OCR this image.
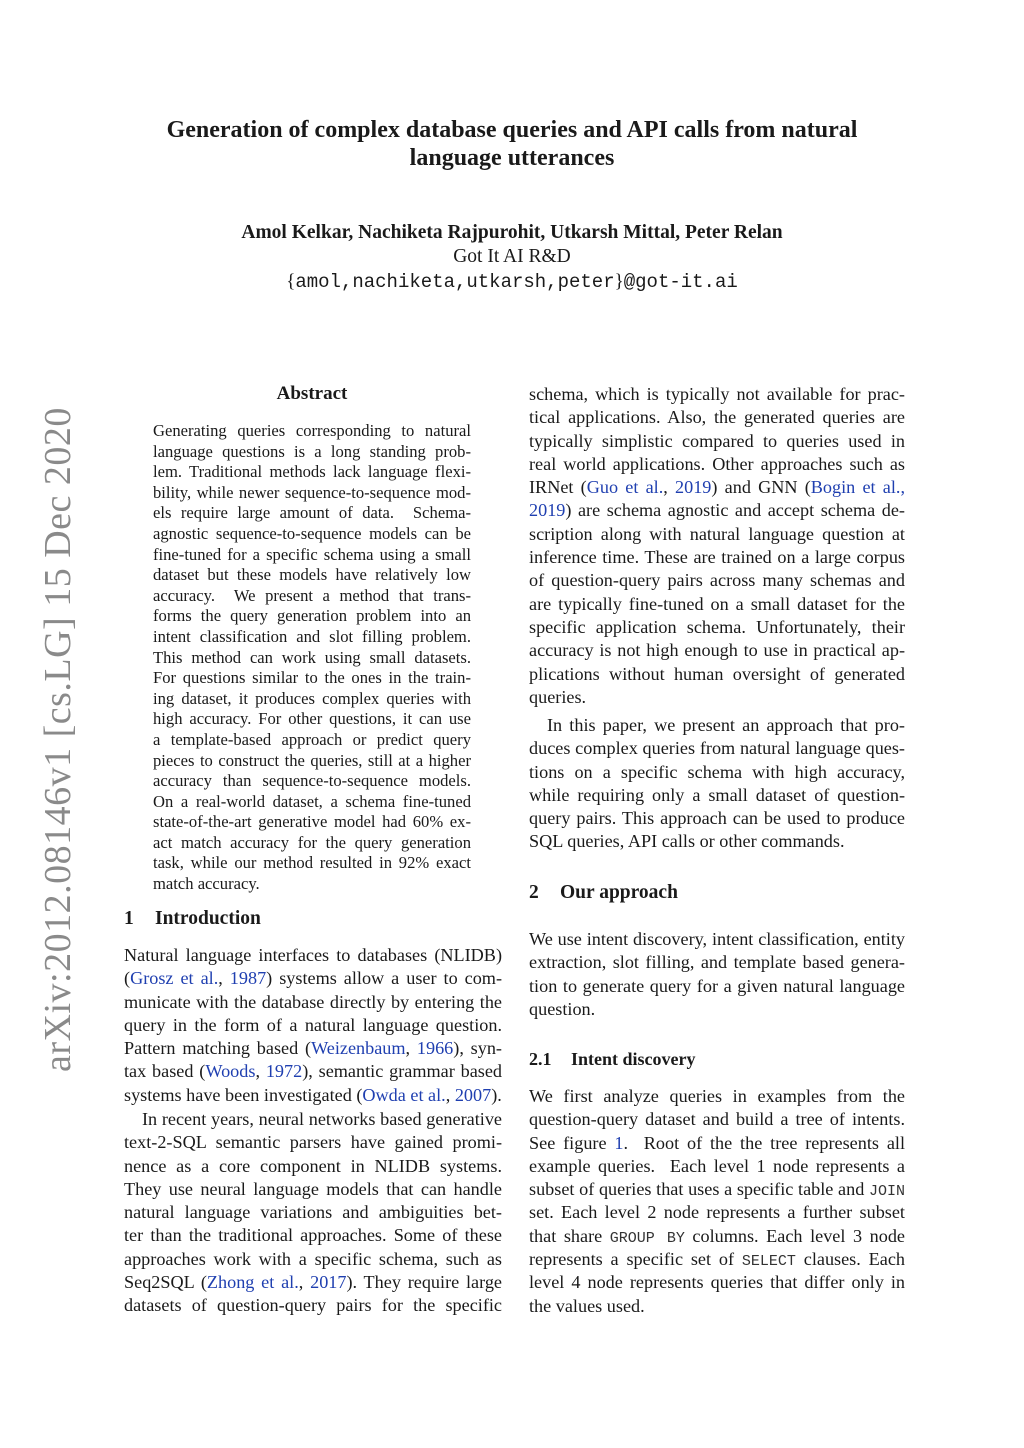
arXiv:2012.08146v1 [cs.LG] 15 Dec 2020
Generation of complex database queries and API calls from natural
language utterances
Amol Kelkar, Nachiketa Rajpurohit, Utkarsh Mittal, Peter Relan
Got It AI R&D
{amol,nachiketa,utkarsh,peter}@got-it.ai
Abstract
Generating queries corresponding to natural
language questions is a long standing prob-
lem. Traditional methods lack language flexi-
bility, while newer sequence-to-sequence mod-
els require large amount of data.  Schema-
agnostic sequence-to-sequence models can be
fine-tuned for a specific schema using a small
dataset but these models have relatively low
accuracy.  We present a method that trans-
forms the query generation problem into an
intent classification and slot filling problem.
This method can work using small datasets.
For questions similar to the ones in the train-
ing dataset, it produces complex queries with
high accuracy. For other questions, it can use
a template-based approach or predict query
pieces to construct the queries, still at a higher
accuracy than sequence-to-sequence models.
On a real-world dataset, a schema fine-tuned
state-of-the-art generative model had 60% ex-
act match accuracy for the query generation
task, while our method resulted in 92% exact
match accuracy.
1 Introduction
Natural language interfaces to databases (NLIDB)
(Grosz et al., 1987) systems allow a user to com-
municate with the database directly by entering the
query in the form of a natural language question.
Pattern matching based (Weizenbaum, 1966), syn-
tax based (Woods, 1972), semantic grammar based
systems have been investigated (Owda et al., 2007).
In recent years, neural networks based generative
text-2-SQL semantic parsers have gained promi-
nence as a core component in NLIDB systems.
They use neural language models that can handle
natural language variations and ambiguities bet-
ter than the traditional approaches. Some of these
approaches work with a specific schema, such as
Seq2SQL (Zhong et al., 2017). They require large
datasets of question-query pairs for the specific
schema, which is typically not available for prac-
tical applications. Also, the generated queries are
typically simplistic compared to queries used in
real world applications. Other approaches such as
IRNet (Guo et al., 2019) and GNN (Bogin et al.,
2019) are schema agnostic and accept schema de-
scription along with natural language question at
inference time. These are trained on a large corpus
of question-query pairs across many schemas and
are typically fine-tuned on a small dataset for the
specific application schema. Unfortunately, their
accuracy is not high enough to use in practical ap-
plications without human oversight of generated
queries.
In this paper, we present an approach that pro-
duces complex queries from natural language ques-
tions on a specific schema with high accuracy,
while requiring only a small dataset of question-
query pairs. This approach can be used to produce
SQL queries, API calls or other commands.
2 Our approach
We use intent discovery, intent classification, entity
extraction, slot filling, and template based genera-
tion to generate query for a given natural language
question.
2.1 Intent discovery
We first analyze queries in examples from the
question-query dataset and build a tree of intents.
See figure 1.  Root of the the tree represents all
example queries.  Each level 1 node represents a
subset of queries that uses a specific table and JOIN
set. Each level 2 node represents a further subset
that share GROUP BY columns. Each level 3 node
represents a specific set of SELECT clauses. Each
level 4 node represents queries that differ only in
the values used.
